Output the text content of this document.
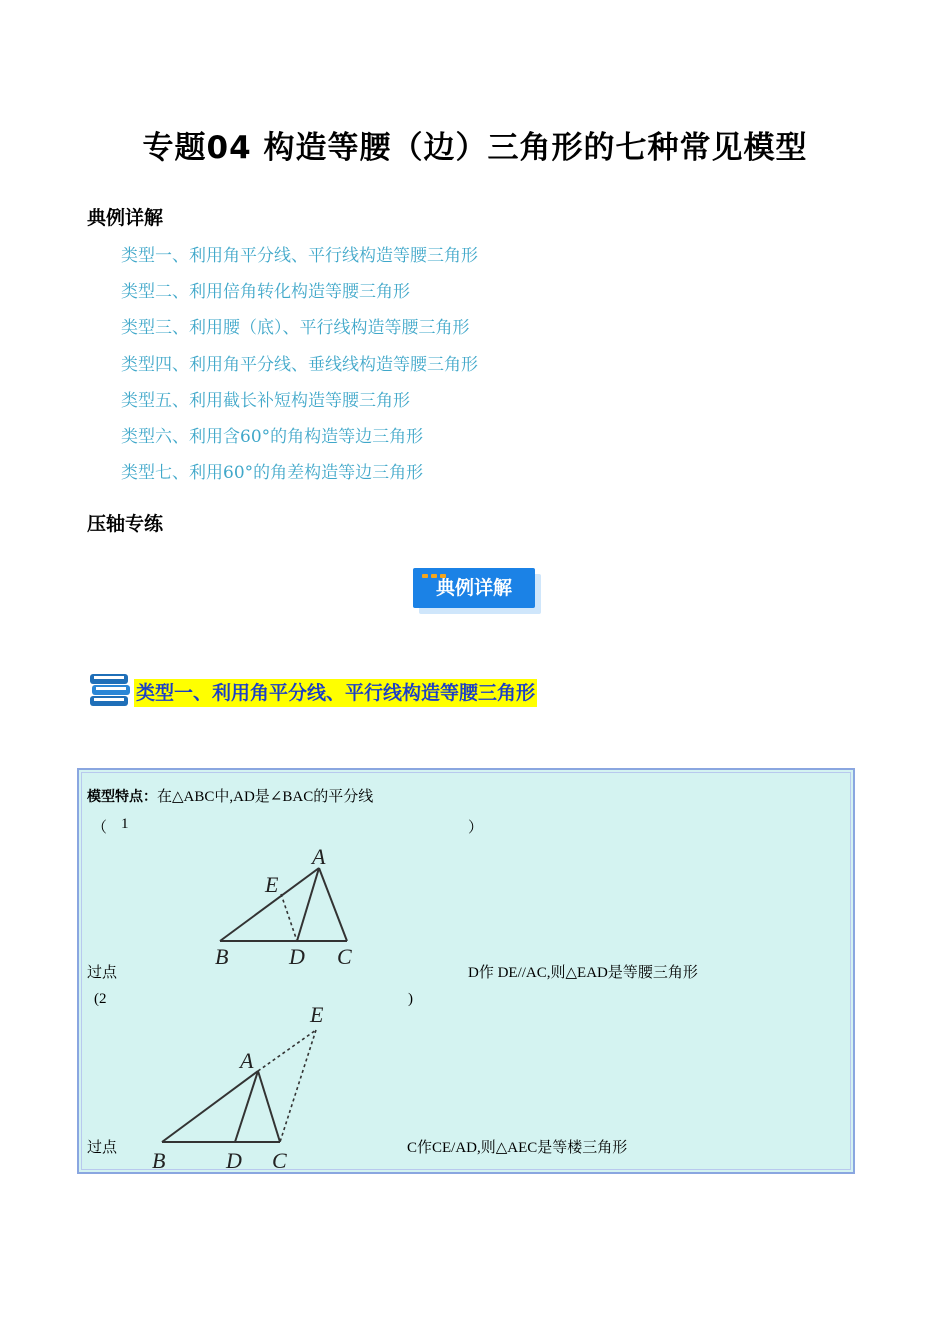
专题04 构造等腰（边）三角形的七种常见模型
典例详解
类型一、利用角平分线、平行线构造等腰三角形
类型二、利用倍角转化构造等腰三角形
类型三、利用腰（底）、平行线构造等腰三角形
类型四、利用角平分线、垂线线构造等腰三角形
类型五、利用截长补短构造等腰三角形
类型六、利用含60°的角构造等边三角形
类型七、利用60°的角差构造等边三角形
压轴专练
典例详解
类型一、利用角平分线、平行线构造等腰三角形
模型特点：在△ABC中,AD是∠BAC的平分线
（ 1	）
A
E
B	D C
过点	D作 DE//AC,则△EAD是等腰三角形
(2	)
E
A
B	D C
过点	C作CE/AD,则△AEC是等楼三角形
